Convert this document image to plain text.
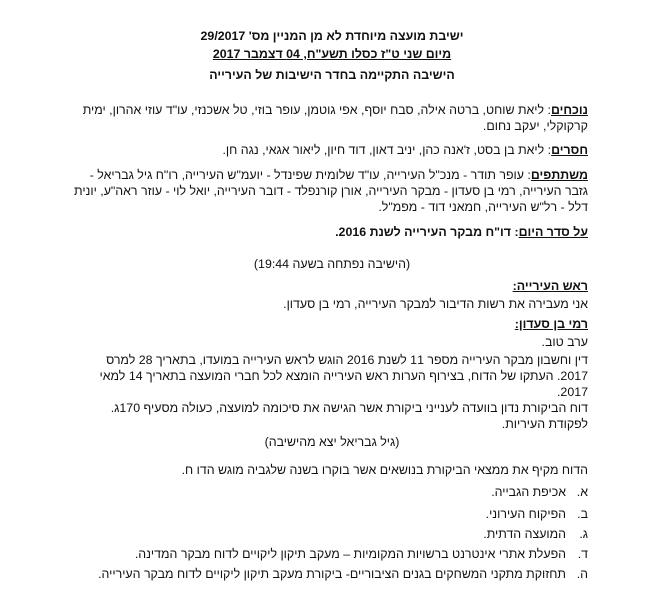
ישיבת מועצה מיוחדת לא מן המניין מס' 29/2017
מיום שני ט"ז כסלו תשע"ח, 04 דצמבר 2017
הישיבה התקיימה בחדר הישיבות של העירייה
נוכחים: ליאת שוחט, ברטה אילה, סבח יוסף, אפי גוטמן, עופר בוזי, טל אשכנזי, עו"ד עוזי אהרון, ימית קרקוקלי, יעקב נחום.
חסרים: ליאת בן בסט, ז'אנה כהן, יניב דאון, דוד חיון, ליאור אגאי, נגה חן.
משתתפים: עופר תודר - מנכ"ל העירייה, עו"ד שלומית שפינדל - יועמ"ש העירייה, רו"ח גיל גבריאל - גזבר העירייה, רמי בן סעדון - מבקר העירייה, אורן קורנפלד - דובר העירייה, יואל לוי - עוזר ראה"ע, יונית דלל - רל"ש העירייה, חמאני דוד - מפמ"ל.
על סדר היום: דו"ח מבקר העירייה לשנת 2016.
(הישיבה נפתחה בשעה 19:44)
ראש העירייה:
אני מעבירה את רשות הדיבור למבקר העירייה, רמי בן סעדון.
רמי בן סעדון:
ערב טוב.
דין וחשבון מבקר העירייה מספר 11 לשנת 2016 הוגש לראש העירייה במועדו, בתאריך 28 למרס 2017. העתקו של הדוח, בצירוף הערות ראש העירייה הומצא לכל חברי המועצה בתאריך 14 למאי 2017.
דוח הביקורת נדון בוועדה לענייני ביקורת אשר הגישה את סיכומה למועצה, כעולה מסעיף 170ג. לפקודת העיריות.
(גיל גבריאל יצא מהישיבה)
הדוח מקיף את ממצאי הביקורת בנושאים אשר בוקרו בשנה שלגביה מוגש הדו ח.
א.
אכיפת הגבייה.
ב.
הפיקוח העירוני.
ג.
המועצה הדתית.
ד.
הפעלת אתרי אינטרנט ברשויות המקומיות – מעקב תיקון ליקויים לדוח מבקר המדינה.
ה.
תחזוקת מתקני המשחקים בגנים הציבוריים- ביקורת מעקב תיקון ליקויים לדוח מבקר העירייה.
